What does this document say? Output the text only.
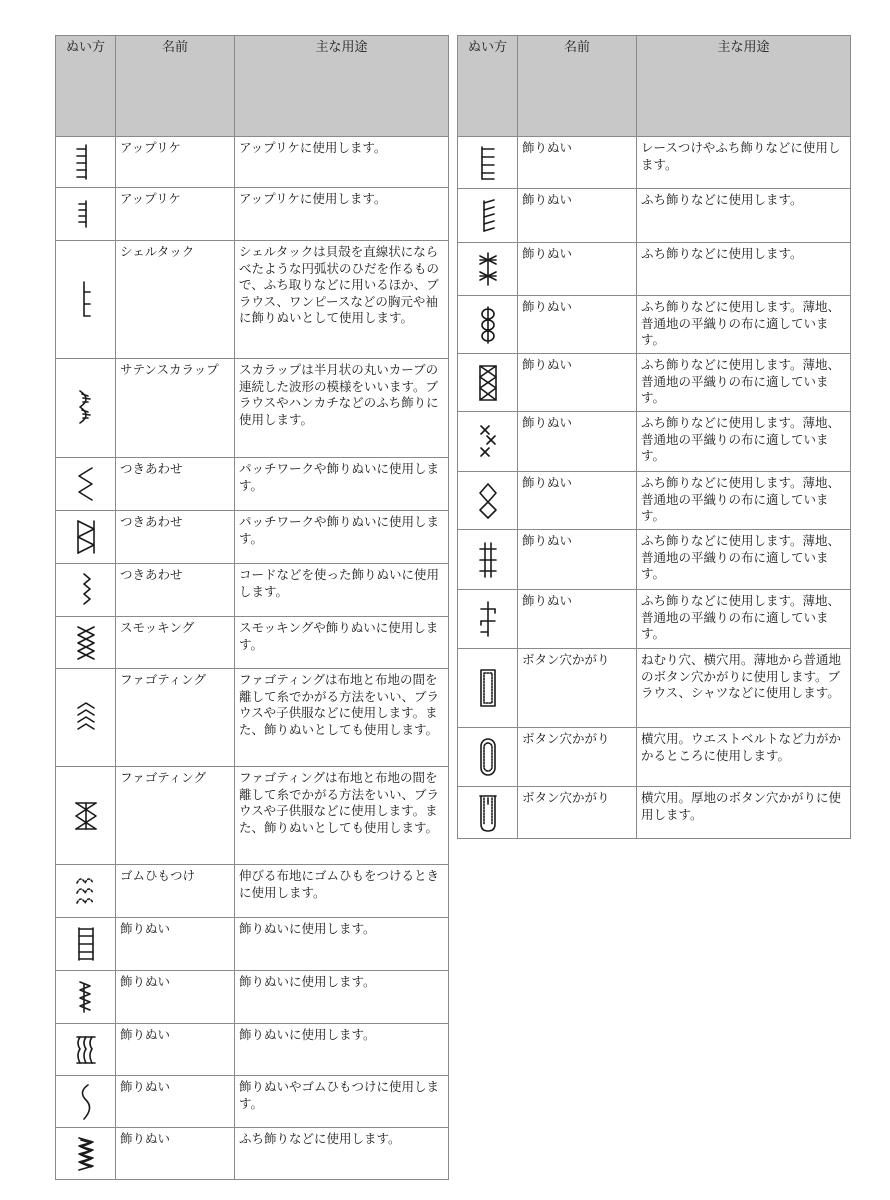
ぬい方	名前	主な用途

	アップリケ	アップリケに使用します。

	アップリケ	アップリケに使用します。

	シェルタック	シェルタックは貝殻を直線状にならべたような円弧状のひだを作るもので、ふち取りなどに用いるほか、ブラウス、ワンピースなどの胸元や袖に飾りぬいとして使用します。

	サテンスカラップ	スカラップは半月状の丸いカーブの連続した波形の模様をいいます。ブラウスやハンカチなどのふち飾りに使用します。

	つきあわせ	パッチワークや飾りぬいに使用します。

	つきあわせ	パッチワークや飾りぬいに使用します。

	つきあわせ	コードなどを使った飾りぬいに使用します。

	スモッキング	スモッキングや飾りぬいに使用します。

	ファゴティング	ファゴティングは布地と布地の間を離して糸でかがる方法をいい、ブラウスや子供服などに使用します。また、飾りぬいとしても使用します。

	ファゴティング	ファゴティングは布地と布地の間を離して糸でかがる方法をいい、ブラウスや子供服などに使用します。また、飾りぬいとしても使用します。

	ゴムひもつけ	伸びる布地にゴムひもをつけるときに使用します。

	飾りぬい	飾りぬいに使用します。

	飾りぬい	飾りぬいに使用します。

	飾りぬい	飾りぬいに使用します。

	飾りぬい	飾りぬいやゴムひもつけに使用します。

	飾りぬい	ふち飾りなどに使用します。
ぬい方	名前	主な用途

	飾りぬい	レースつけやふち飾りなどに使用します。

	飾りぬい	ふち飾りなどに使用します。

	飾りぬい	ふち飾りなどに使用します。

	飾りぬい	ふち飾りなどに使用します。薄地、普通地の平織りの布に適しています。

	飾りぬい	ふち飾りなどに使用します。薄地、普通地の平織りの布に適しています。

	飾りぬい	ふち飾りなどに使用します。薄地、普通地の平織りの布に適しています。

	飾りぬい	ふち飾りなどに使用します。薄地、普通地の平織りの布に適しています。

	飾りぬい	ふち飾りなどに使用します。薄地、普通地の平織りの布に適しています。

	飾りぬい	ふち飾りなどに使用します。薄地、普通地の平織りの布に適しています。

	ボタン穴かがり	ねむり穴、横穴用。薄地から普通地のボタン穴かがりに使用します。ブラウス、シャツなどに使用します。

	ボタン穴かがり	横穴用。ウエストベルトなど力がかかるところに使用します。

	ボタン穴かがり	横穴用。厚地のボタン穴かがりに使用します。
